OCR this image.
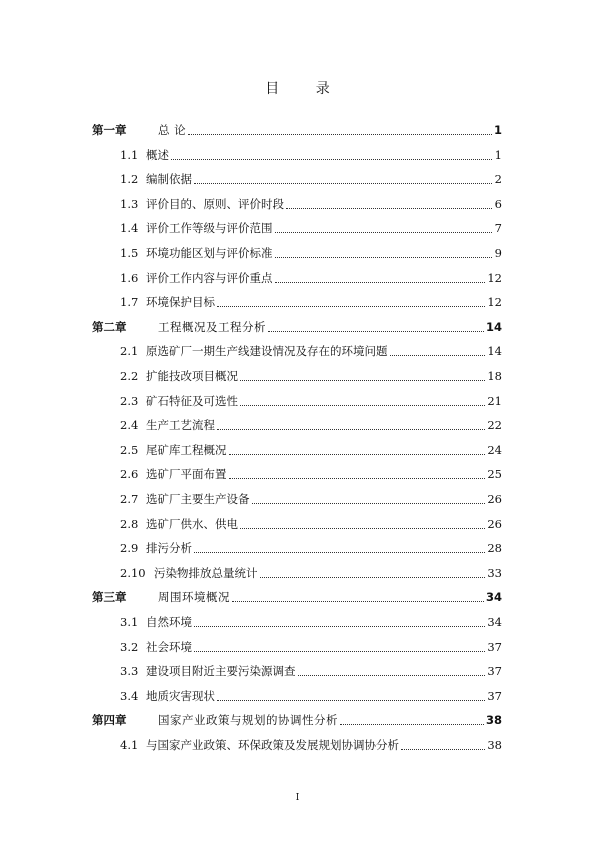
目 录
第一章	总 论	1
1.1 概述	1
1.2 编制依据	2
1.3 评价目的、原则、评价时段	6
1.4 评价工作等级与评价范围	7
1.5 环境功能区划与评价标准	9
1.6 评价工作内容与评价重点	12
1.7 环境保护目标	12
第二章	工程概况及工程分析	14
2.1 原选矿厂一期生产线建设情况及存在的环境问题	14
2.2 扩能技改项目概况	18
2.3 矿石特征及可选性	21
2.4 生产工艺流程	22
2.5 尾矿库工程概况	24
2.6 选矿厂平面布置	25
2.7 选矿厂主要生产设备	26
2.8 选矿厂供水、供电	26
2.9 排污分析	28
2.10 污染物排放总量统计	33
第三章	周围环境概况	34
3.1 自然环境	34
3.2 社会环境	37
3.3 建设项目附近主要污染源调查	37
3.4 地质灾害现状	37
第四章	国家产业政策与规划的协调性分析	38
4.1 与国家产业政策、环保政策及发展规划协调协分析	38
I
